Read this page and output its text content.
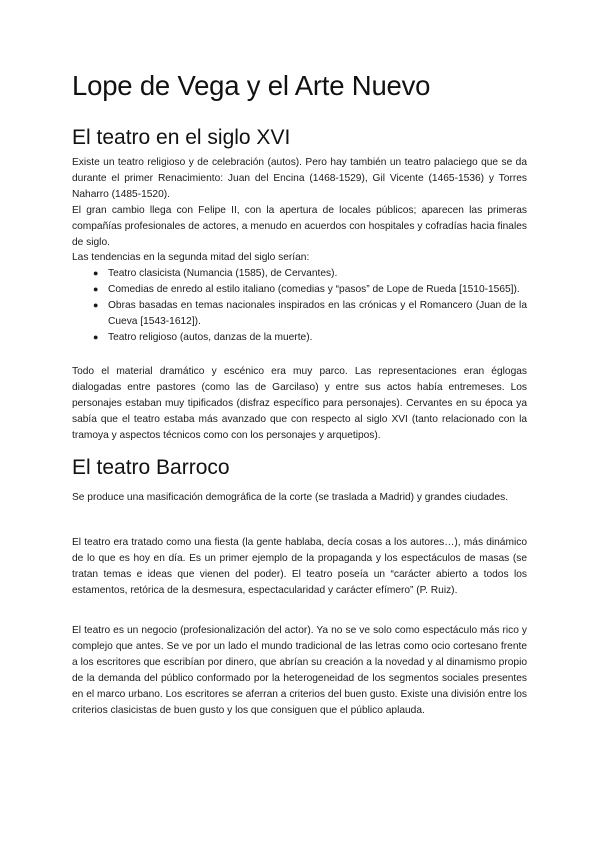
Lope de Vega y el Arte Nuevo
El teatro en el siglo XVI

Existe un teatro religioso y de celebración (autos). Pero hay también un teatro palaciego que se da durante el primer Renacimiento: Juan del Encina (1468-1529), Gil Vicente (1465-1536) y Torres Naharro (1485-1520).

El gran cambio llega con Felipe II, con la apertura de locales públicos; aparecen las primeras compañías profesionales de actores, a menudo en acuerdos con hospitales y cofradías hacia finales de siglo.

Las tendencias en la segunda mitad del siglo serían:

● Teatro clasicista (Numancia (1585), de Cervantes).
● Comedias de enredo al estilo italiano (comedias y “pasos” de Lope de Rueda [1510-1565]).
● Obras basadas en temas nacionales inspirados en las crónicas y el Romancero (Juan de la Cueva [1543-1612]).
● Teatro religioso (autos, danzas de la muerte).

Todo el material dramático y escénico era muy parco. Las representaciones eran églogas dialogadas entre pastores (como las de Garcilaso) y entre sus actos había entremeses. Los personajes estaban muy tipificados (disfraz específico para personajes). Cervantes en su época ya sabía que el teatro estaba más avanzado que con respecto al siglo XVI (tanto relacionado con la tramoya y aspectos técnicos como con los personajes y arquetipos).

El teatro Barroco

Se produce una masificación demográfica de la corte (se traslada a Madrid) y grandes ciudades.

El teatro era tratado como una fiesta (la gente hablaba, decía cosas a los autores…), más dinámico de lo que es hoy en día. Es un primer ejemplo de la propaganda y los espectáculos de masas (se tratan temas e ideas que vienen del poder). El teatro poseía un “carácter abierto a todos los estamentos, retórica de la desmesura, espectacularidad y carácter efímero” (P. Ruiz).

El teatro es un negocio (profesionalización del actor). Ya no se ve solo como espectáculo más rico y complejo que antes. Se ve por un lado el mundo tradicional de las letras como ocio cortesano frente a los escritores que escribían por dinero, que abrían su creación a la novedad y al dinamismo propio de la demanda del público conformado por la heterogeneidad de los segmentos sociales presentes en el marco urbano. Los escritores se aferran a criterios del buen gusto. Existe una división entre los criterios clasicistas de buen gusto y los que consiguen que el público aplauda.
